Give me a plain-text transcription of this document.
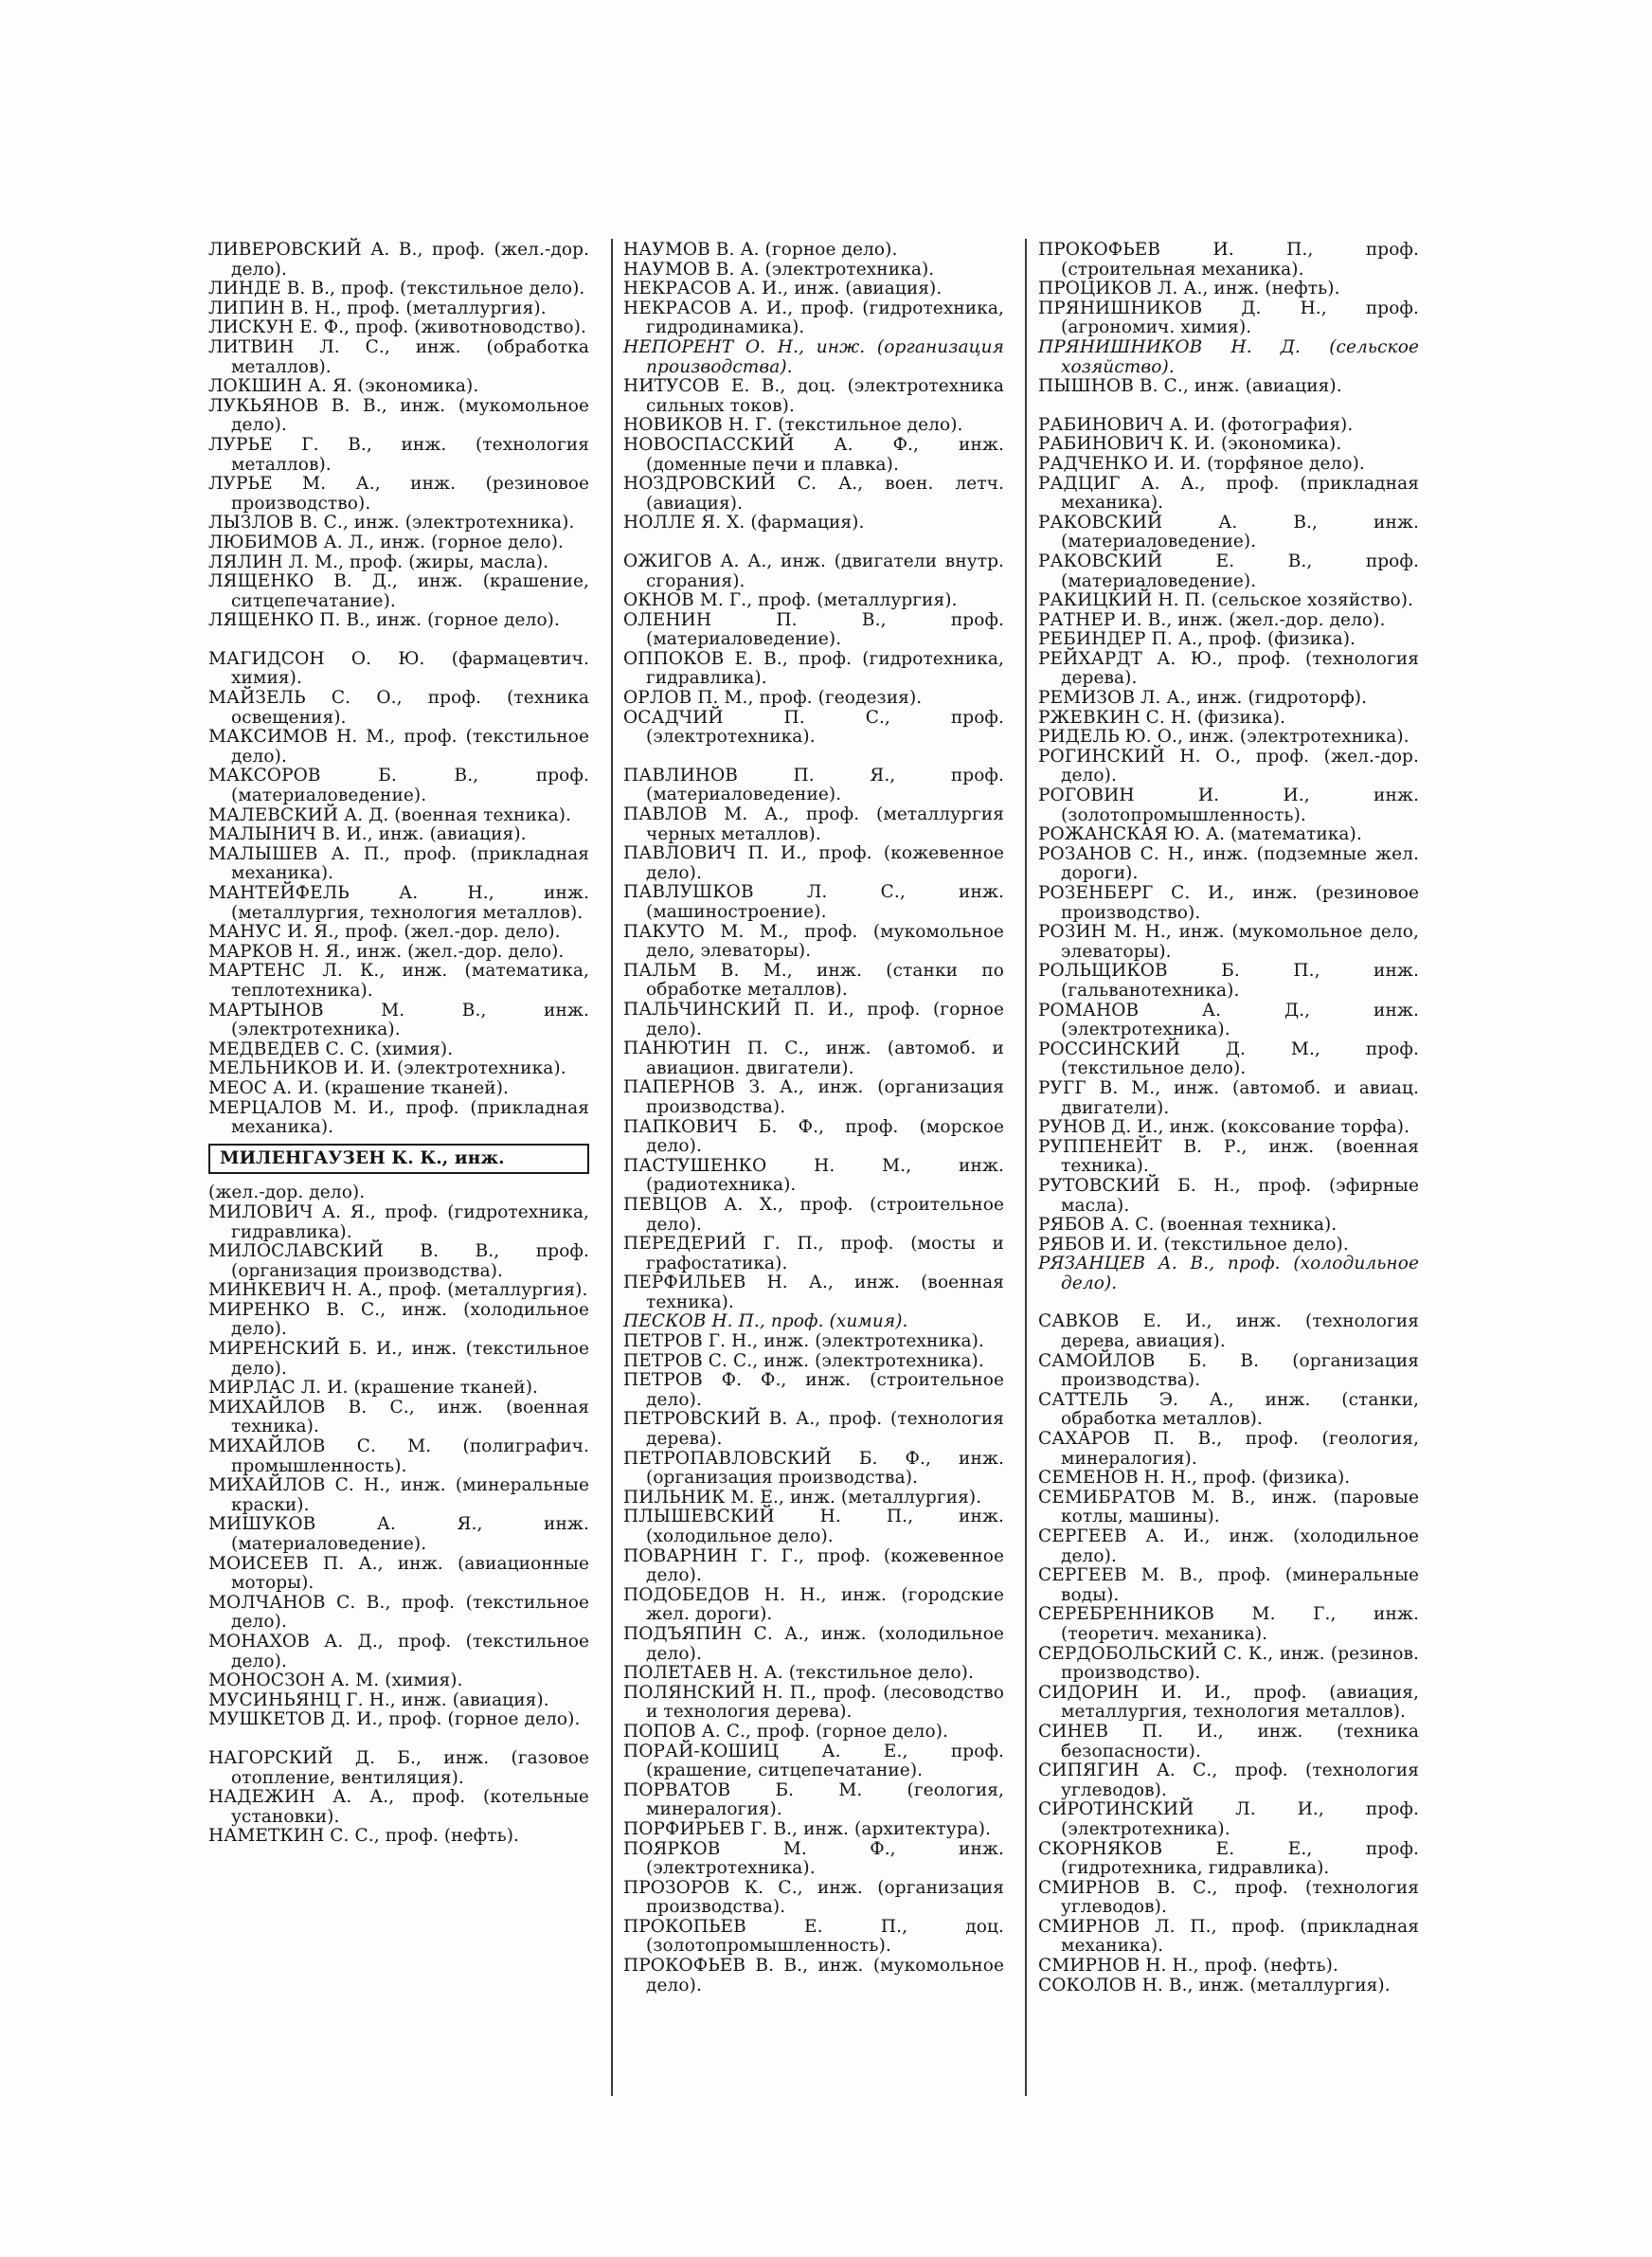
ЛИВЕРОВСКИЙ А. В., проф. (жел.-дор. дело).

ЛИНДЕ В. В., проф. (текстильное дело).

ЛИПИН В. Н., проф. (металлургия).

ЛИСКУН Е. Ф., проф. (животноводство).

ЛИТВИН Л. С., инж. (обработка металлов).

ЛОКШИН А. Я. (экономика).

ЛУКЬЯНОВ В. В., инж. (мукомольное дело).

ЛУРЬЕ Г. В., инж. (технология металлов).

ЛУРЬЕ М. А., инж. (резиновое производство).

ЛЫЗЛОВ В. С., инж. (электротехника).

ЛЮБИМОВ А. Л., инж. (горное дело).

ЛЯЛИН Л. М., проф. (жиры, масла).

ЛЯЩЕНКО В. Д., инж. (крашение, ситцепечатание).

ЛЯЩЕНКО П. В., инж. (горное дело).

МАГИДСОН О. Ю. (фармацевтич. химия).

МАЙЗЕЛЬ С. О., проф. (техника освещения).

МАКСИМОВ Н. М., проф. (текстильное дело).

МАКСОРОВ Б. В., проф. (материаловедение).

МАЛЕВСКИЙ А. Д. (военная техника).

МАЛЫНИЧ В. И., инж. (авиация).

МАЛЫШЕВ А. П., проф. (прикладная механика).

МАНТЕЙФЕЛЬ А. Н., инж. (металлургия, технология металлов).

МАНУС И. Я., проф. (жел.-дор. дело).

МАРКОВ Н. Я., инж. (жел.-дор. дело).

МАРТЕНС Л. К., инж. (математика, теплотехника).

МАРТЫНОВ М. В., инж. (электротехника).

МЕДВЕДЕВ С. С. (химия).

МЕЛЬНИКОВ И. И. (электротехника).

МЕОС А. И. (крашение тканей).

МЕРЦАЛОВ М. И., проф. (прикладная механика).

МИЛЕНГАУЗЕН К. К., инж.

(жел.-дор. дело).

МИЛОВИЧ А. Я., проф. (гидротехника, гидравлика).

МИЛОСЛАВСКИЙ В. В., проф. (организация производства).

МИНКЕВИЧ Н. А., проф. (металлургия).

МИРЕНКО В. С., инж. (холодильное дело).

МИРЕНСКИЙ Б. И., инж. (текстильное дело).

МИРЛАС Л. И. (крашение тканей).

МИХАЙЛОВ В. С., инж. (военная техника).

МИХАЙЛОВ С. М. (полиграфич. промышленность).

МИХАЙЛОВ С. Н., инж. (минеральные краски).

МИШУКОВ А. Я., инж. (материаловедение).

МОИСЕЕВ П. А., инж. (авиационные моторы).

МОЛЧАНОВ С. В., проф. (текстильное дело).

МОНАХОВ А. Д., проф. (текстильное дело).

МОНОСЗОН А. М. (химия).

МУСИНЬЯНЦ Г. Н., инж. (авиация).

МУШКЕТОВ Д. И., проф. (горное дело).

НАГОРСКИЙ Д. Б., инж. (газовое отопление, вентиляция).

НАДЕЖИН А. А., проф. (котельные установки).

НАМЕТКИН С. С., проф. (нефть).

НАУМОВ В. А. (горное дело).

НАУМОВ В. А. (электротехника).

НЕКРАСОВ А. И., инж. (авиация).

НЕКРАСОВ А. И., проф. (гидротехника, гидродинамика).

НЕПОРЕНТ О. Н., инж. (организация производства).

НИТУСОВ Е. В., доц. (электротехника сильных токов).

НОВИКОВ Н. Г. (текстильное дело).

НОВОСПАССКИЙ А. Ф., инж. (доменные печи и плавка).

НОЗДРОВСКИЙ С. А., воен. летч. (авиация).

НОЛЛЕ Я. Х. (фармация).

ОЖИГОВ А. А., инж. (двигатели внутр. сгорания).

ОКНОВ М. Г., проф. (металлургия).

ОЛЕНИН П. В., проф. (материаловедение).

ОППОКОВ Е. В., проф. (гидротехника, гидравлика).

ОРЛОВ П. М., проф. (геодезия).

ОСАДЧИЙ П. С., проф. (электротехника).

ПАВЛИНОВ П. Я., проф. (материаловедение).

ПАВЛОВ М. А., проф. (металлургия черных металлов).

ПАВЛОВИЧ П. И., проф. (кожевенное дело).

ПАВЛУШКОВ Л. С., инж. (машиностроение).

ПАКУТО М. М., проф. (мукомольное дело, элеваторы).

ПАЛЬМ В. М., инж. (станки по обработке металлов).

ПАЛЬЧИНСКИЙ П. И., проф. (горное дело).

ПАНЮТИН П. С., инж. (автомоб. и авиацион. двигатели).

ПАПЕРНОВ З. А., инж. (организация производства).

ПАПКОВИЧ Б. Ф., проф. (морское дело).

ПАСТУШЕНКО Н. М., инж. (радиотехника).

ПЕВЦОВ А. Х., проф. (строительное дело).

ПЕРЕДЕРИЙ Г. П., проф. (мосты и графостатика).

ПЕРФИЛЬЕВ Н. А., инж. (военная техника).

ПЕСКОВ Н. П., проф. (химия).

ПЕТРОВ Г. Н., инж. (электротехника).

ПЕТРОВ С. С., инж. (электротехника).

ПЕТРОВ Ф. Ф., инж. (строительное дело).

ПЕТРОВСКИЙ В. А., проф. (технология дерева).

ПЕТРОПАВЛОВСКИЙ Б. Ф., инж. (организация производства).

ПИЛЬНИК М. Е., инж. (металлургия).

ПЛЫШЕВСКИЙ Н. П., инж. (холодильное дело).

ПОВАРНИН Г. Г., проф. (кожевенное дело).

ПОДОБЕДОВ Н. Н., инж. (городские жел. дороги).

ПОДЪЯПИН С. А., инж. (холодильное дело).

ПОЛЕТАЕВ Н. А. (текстильное дело).

ПОЛЯНСКИЙ Н. П., проф. (лесоводство и технология дерева).

ПОПОВ А. С., проф. (горное дело).

ПОРАЙ-КОШИЦ А. Е., проф. (крашение, ситцепечатание).

ПОРВАТОВ Б. М. (геология, минералогия).

ПОРФИРЬЕВ Г. В., инж. (архитектура).

ПОЯРКОВ М. Ф., инж. (электротехника).

ПРОЗОРОВ К. С., инж. (организация производства).

ПРОКОПЬЕВ Е. П., доц. (золотопромышленность).

ПРОКОФЬЕВ В. В., инж. (мукомольное дело).

ПРОКОФЬЕВ И. П., проф. (строительная механика).

ПРОЦИКОВ Л. А., инж. (нефть).

ПРЯНИШНИКОВ Д. Н., проф. (агрономич. химия).

ПРЯНИШНИКОВ Н. Д. (сельское хозяйство).

ПЫШНОВ В. С., инж. (авиация).

РАБИНОВИЧ А. И. (фотография).

РАБИНОВИЧ К. И. (экономика).

РАДЧЕНКО И. И. (торфяное дело).

РАДЦИГ А. А., проф. (прикладная механика).

РАКОВСКИЙ А. В., инж. (материаловедение).

РАКОВСКИЙ Е. В., проф. (материаловедение).

РАКИЦКИЙ Н. П. (сельское хозяйство).

РАТНЕР И. В., инж. (жел.-дор. дело).

РЕБИНДЕР П. А., проф. (физика).

РЕЙХАРДТ А. Ю., проф. (технология дерева).

РЕМИЗОВ Л. А., инж. (гидроторф).

РЖЕВКИН С. Н. (физика).

РИДЕЛЬ Ю. О., инж. (электротехника).

РОГИНСКИЙ Н. О., проф. (жел.-дор. дело).

РОГОВИН И. И., инж. (золотопромышленность).

РОЖАНСКАЯ Ю. А. (математика).

РОЗАНОВ С. Н., инж. (подземные жел. дороги).

РОЗЕНБЕРГ С. И., инж. (резиновое производство).

РОЗИН М. Н., инж. (мукомольное дело, элеваторы).

РОЛЬЩИКОВ Б. П., инж. (гальванотехника).

РОМАНОВ А. Д., инж. (электротехника).

РОССИНСКИЙ Д. М., проф. (текстильное дело).

РУГГ В. М., инж. (автомоб. и авиац. двигатели).

РУНОВ Д. И., инж. (коксование торфа).

РУППЕНЕЙТ В. Р., инж. (военная техника).

РУТОВСКИЙ Б. Н., проф. (эфирные масла).

РЯБОВ А. С. (военная техника).

РЯБОВ И. И. (текстильное дело).

РЯЗАНЦЕВ А. В., проф. (холодильное дело).

САВКОВ Е. И., инж. (технология дерева, авиация).

САМОЙЛОВ Б. В. (организация производства).

САТТЕЛЬ Э. А., инж. (станки, обработка металлов).

САХАРОВ П. В., проф. (геология, минералогия).

СЕМЕНОВ Н. Н., проф. (физика).

СЕМИБРАТОВ М. В., инж. (паровые котлы, машины).

СЕРГЕЕВ А. И., инж. (холодильное дело).

СЕРГЕЕВ М. В., проф. (минеральные воды).

СЕРЕБРЕННИКОВ М. Г., инж. (теоретич. механика).

СЕРДОБОЛЬСКИЙ С. К., инж. (резинов. производство).

СИДОРИН И. И., проф. (авиация, металлургия, технология металлов).

СИНЕВ П. И., инж. (техника безопасности).

СИПЯГИН А. С., проф. (технология углеводов).

СИРОТИНСКИЙ Л. И., проф. (электротехника).

СКОРНЯКОВ Е. Е., проф. (гидротехника, гидравлика).

СМИРНОВ В. С., проф. (технология углеводов).

СМИРНОВ Л. П., проф. (прикладная механика).

СМИРНОВ Н. Н., проф. (нефть).

СОКОЛОВ Н. В., инж. (металлургия).
